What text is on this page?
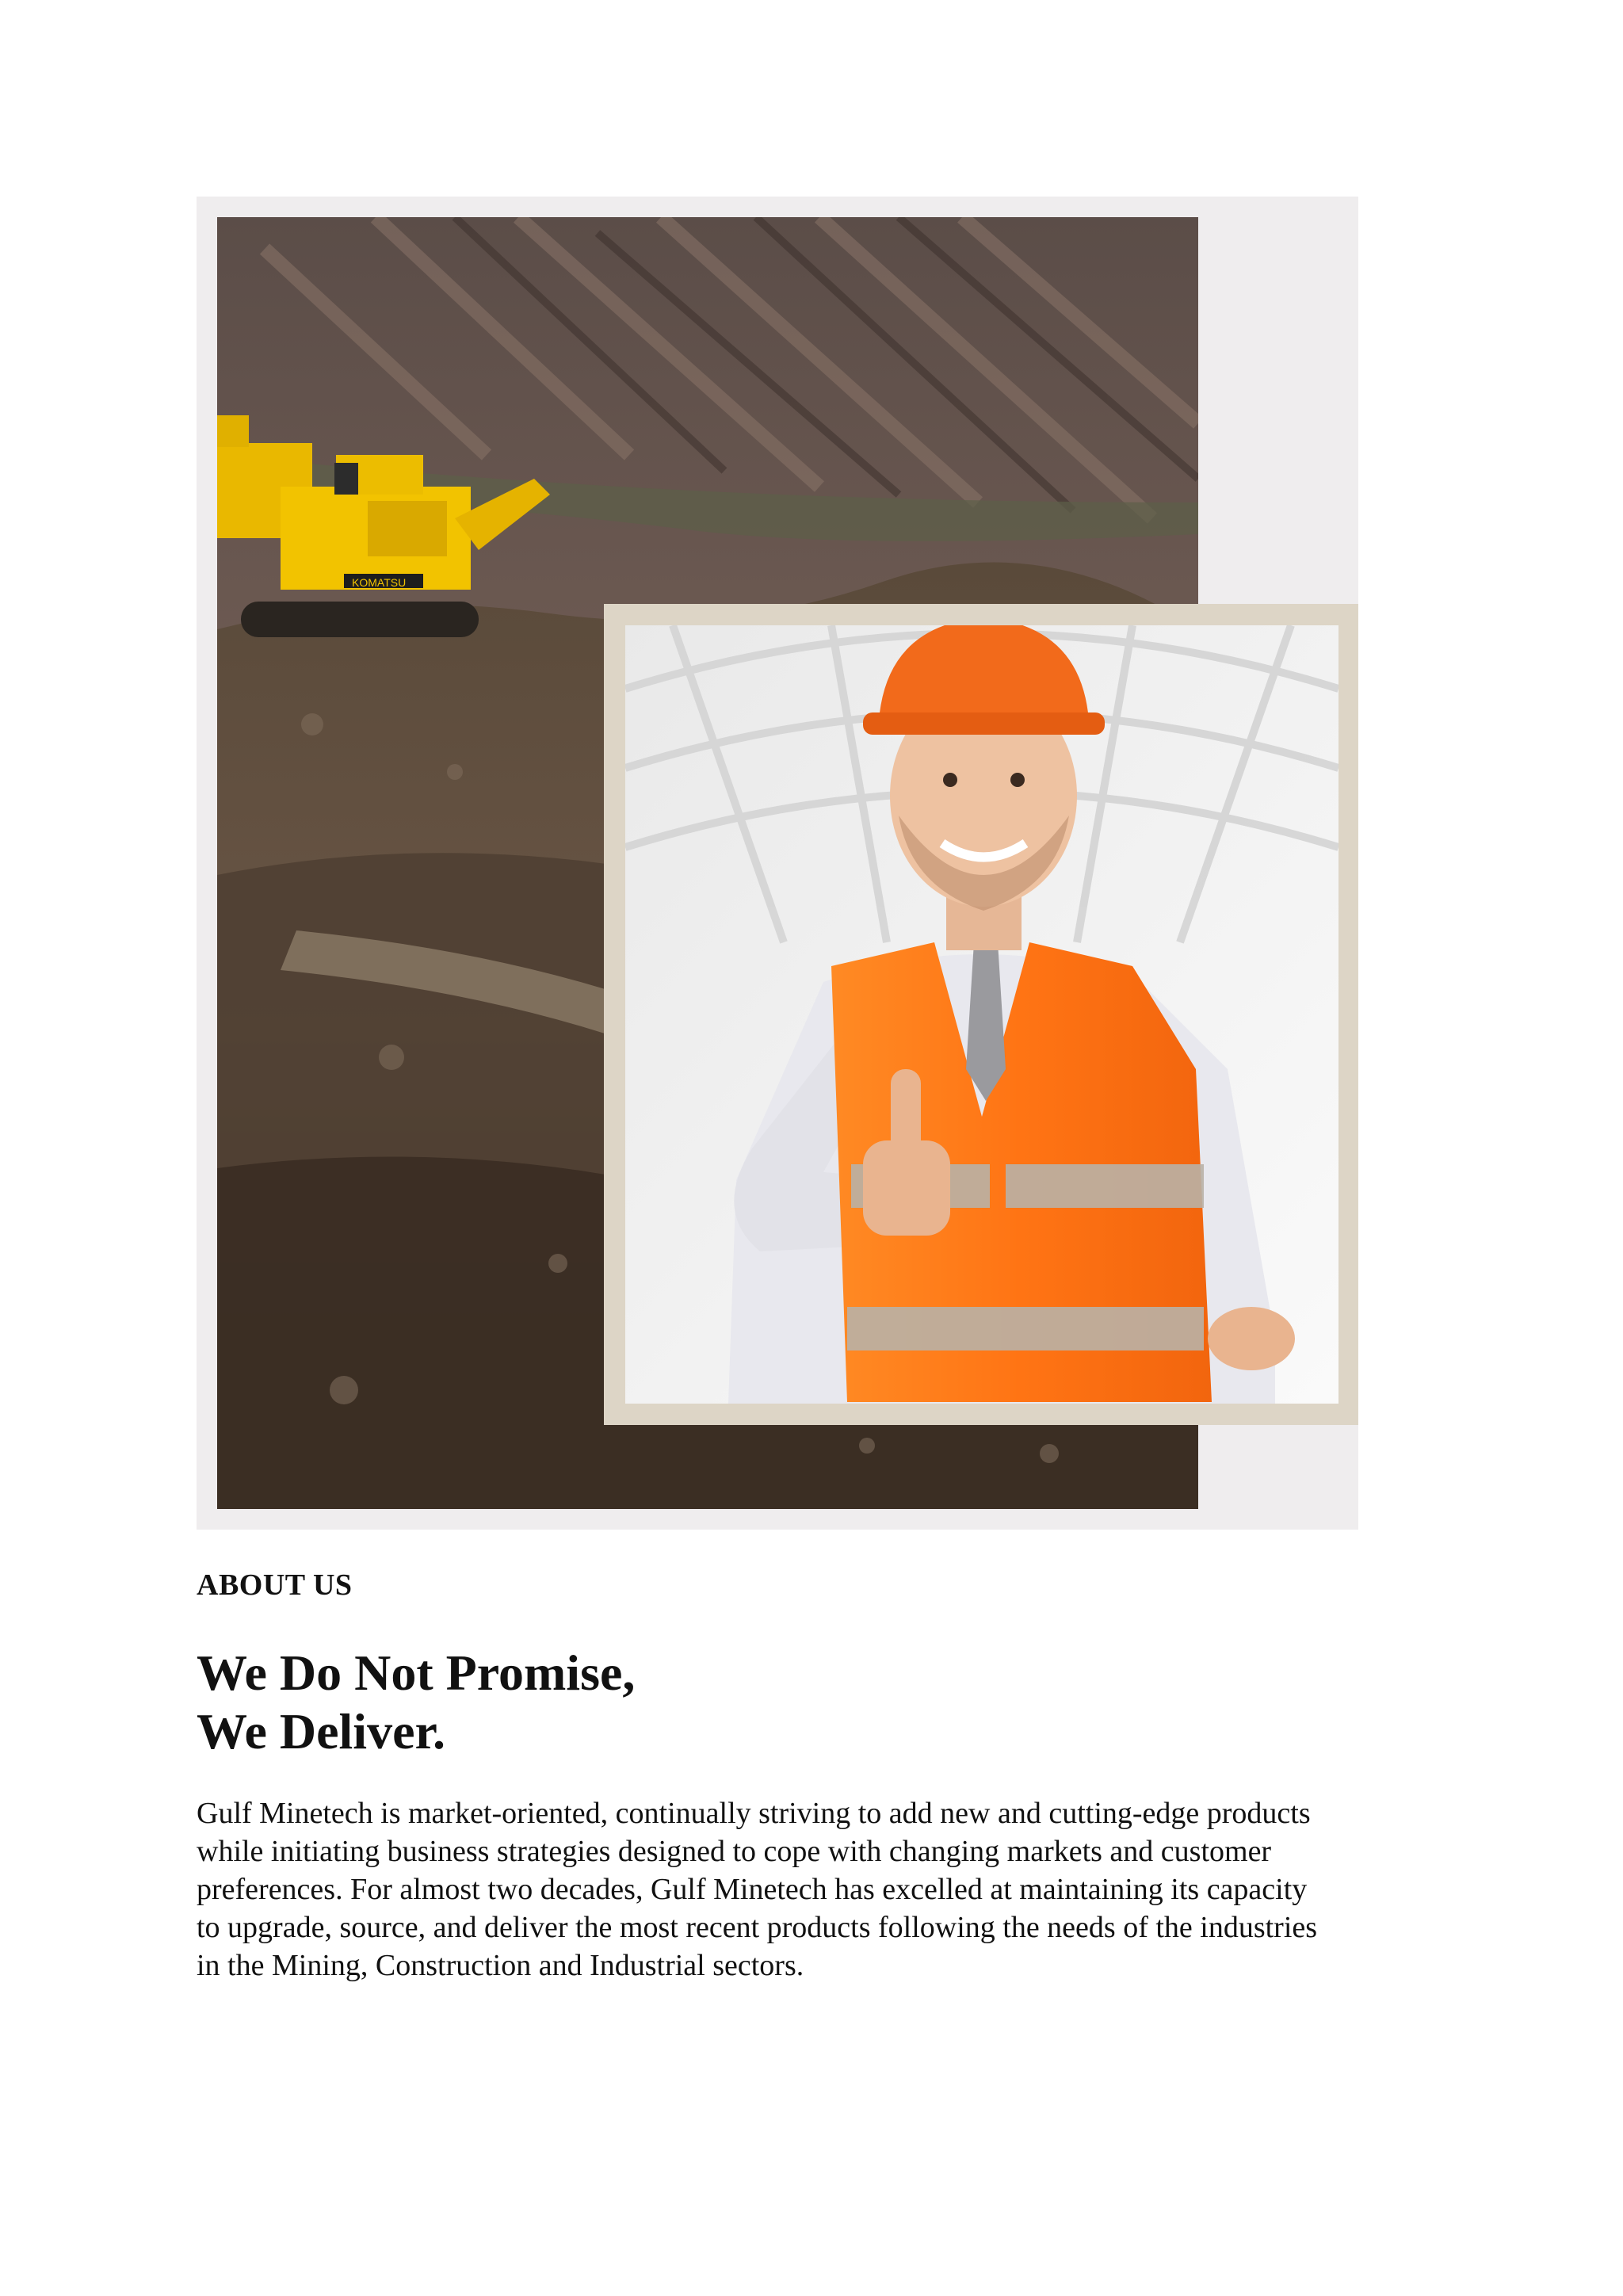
KOMATSU
ABOUT US
We Do Not Promise,
We Deliver.

Gulf Minetech is market-oriented, continually striving to add new and cutting-edge products
while initiating business strategies designed to cope with changing markets and customer
preferences. For almost two decades, Gulf Minetech has excelled at maintaining its capacity
to upgrade, source, and deliver the most recent products following the needs of the industries
in the Mining, Construction and Industrial sectors.
